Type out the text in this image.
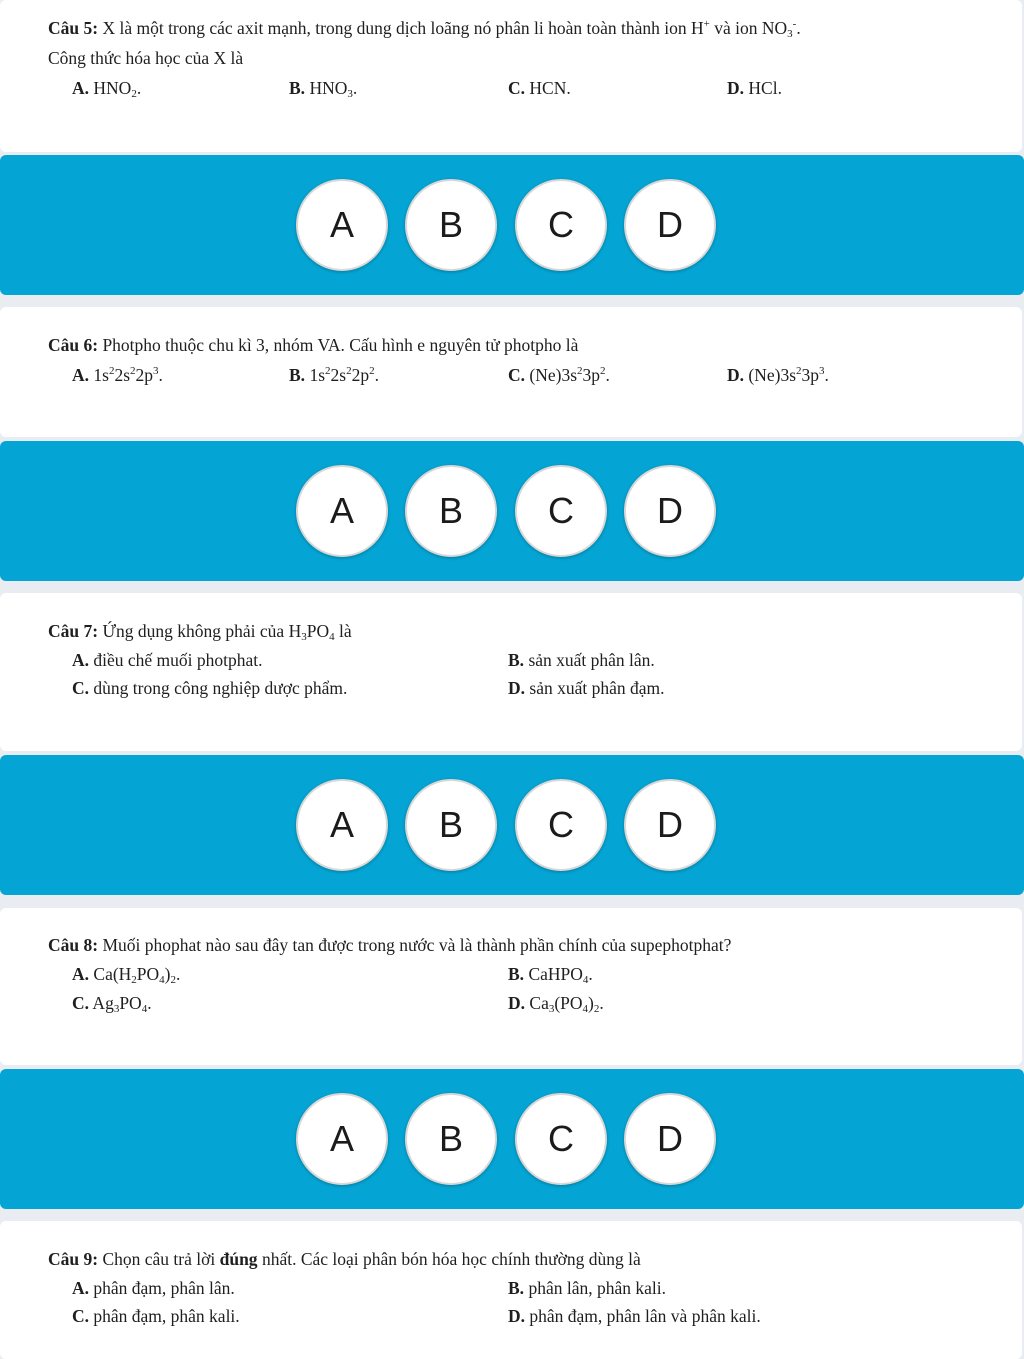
Câu 5: X là một trong các axit mạnh, trong dung dịch loãng nó phân li hoàn toàn thành ion H+ và ion $NO_3^-$.
Công thức hóa học của X là
A. $HNO_2$.	B. $HNO_3$.	C. HCN.	D. HCl.
A	B	C	D
Câu 6: Photpho thuộc chu kì 3, nhóm VA. Cấu hình e nguyên tử photpho là
A. $1s^22s^22p^3$.	B. $1s^22s^22p^2$.	C. $(Ne)3s^23p^2$.	D. $(Ne)3s^23p^3$.
A	B	C	D
Câu 7: Ứng dụng không phải của $H_3PO_4$ là
A. điều chế muối photphat.	B. sản xuất phân lân.
C. dùng trong công nghiệp dược phẩm.	D. sản xuất phân đạm.
A	B	C	D
Câu 8: Muối phophat nào sau đây tan được trong nước và là thành phần chính của supephotphat?
A. $Ca(H_2PO_4)_2$.	B. CaHPO$_4$.
C. $Ag_3PO_4$.	D. $Ca_3(PO_4)_2$.
A	B	C	D
Câu 9: Chọn câu trả lời đúng nhất. Các loại phân bón hóa học chính thường dùng là
A. phân đạm, phân lân.	B. phân lân, phân kali.
C. phân đạm, phân kali.	D. phân đạm, phân lân và phân kali.
